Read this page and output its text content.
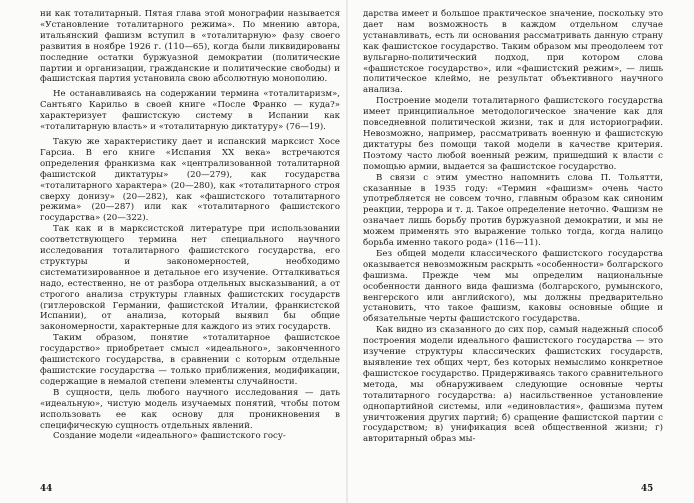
ни как тоталитарный. Пятая глава этой монографии называется «Установление тоталитарного режима». По мнению автора, итальянский фашизм вступил в «тоталитарную» фазу своего развития в ноябре 1926 г. (110—65), когда были ликвидированы последние остатки буржуазной демократии (политические партии и организации, гражданские и политические свободы) и фашистская партия установила свою абсолютную монополию.

Не останавливаясь на содержании термина «тоталитаризм», Сантьяго Карильо в своей книге «После Франко — куда?» характеризует фашистскую систему в Испании как «тоталитарную власть» и «тоталитарную диктатуру» (76—19).

Такую же характеристику дает и испанский марксист Хосе Гарсиа. В его книге «Испания XX века» встречаются определения франкизма как «централизованной тоталитарной фашистской диктатуры» (20—279), как государства «тоталитарного характера» (20—280), как «тоталитарного строя сверху донизу» (20—282), как «фашистского тоталитарного режима» (20—287) или как «тоталитарного фашистского государства» (20—322).

Так как и в марксистской литературе при использовании соответствующего термина нет специального научного исследования тоталитарного фашистского государства, его структуры и закономерностей, необходимо систематизированное и детальное его изучение. Отталкиваться надо, естественно, не от разбора отдельных высказываний, а от строгого анализа структуры главных фашистских государств (гитлеровской Германии, фашистской Италии, франкистской Испании), от анализа, который выявил бы общие закономерности, характерные для каждого из этих государств.

Таким образом, понятие «тоталитарное фашистское государство» приобретает смысл «идеального», законченного фашистского государства, в сравнении с которым отдельные фашистские государства — только приближения, модификации, содержащие в немалой степени элементы случайности.

В сущности, цель любого научного исследования — дать «идеальную», чистую модель изучаемых понятий, чтобы потом использовать ее как основу для проникновения в специфическую сущность отдельных явлений.

Создание модели «идеального» фашистского госу-

дарства имеет и большое практическое значение, поскольку это дает нам возможность в каждом отдельном случае устанавливать, есть ли основания рассматривать данную страну как фашистское государство. Таким образом мы преодолеем тот вульгарно-политический подход, при котором слова «фашистское государство», или «фашистский режим», — лишь политическое клеймо, не результат объективного научного анализа.

Построение модели тоталитарного фашистского государства имеет принципиальное методологическое значение как для повседневной политической жизни, так и для историографии. Невозможно, например, рассматривать военную и фашистскую диктатуры без помощи такой модели в качестве критерия. Поэтому часто любой военный режим, пришедший к власти с помощью армии, выдается за фашистское государство.

В связи с этим уместно напомнить слова П. Тольятти, сказанные в 1935 году: «Термин «фашизм» очень часто употребляется не совсем точно, главным образом как синоним реакции, террора и т. д. Такое определение неточно. Фашизм не означает лишь борьбу против буржуазной демократии, и мы не можем применять это выражение только тогда, когда налицо борьба именно такого рода» (116—11).

Без общей модели классического фашистского государства оказывается невозможным раскрыть «особенности» болгарского фашизма. Прежде чем мы определим национальные особенности данного вида фашизма (болгарского, румынского, венгерского или английского), мы должны предварительно установить, что такое фашизм, каковы основные общие и обязательные черты фашистского государства.

Как видно из сказанного до сих пор, самый надежный способ построения модели идеального фашистского государства — это изучение структуры классических фашистских государств, выявление тех общих черт, без которых немыслимо конкретное фашистское государство. Придерживаясь такого сравнительного метода, мы обнаруживаем следующие основные черты тоталитарного государства: а) насильственное установление однопартийной системы, или «единовластия», фашизма путем уничтожения других партий; б) сращение фашистской партии с государством; в) унификация всей общественной жизни; г) авторитарный образ мы-

44	45
